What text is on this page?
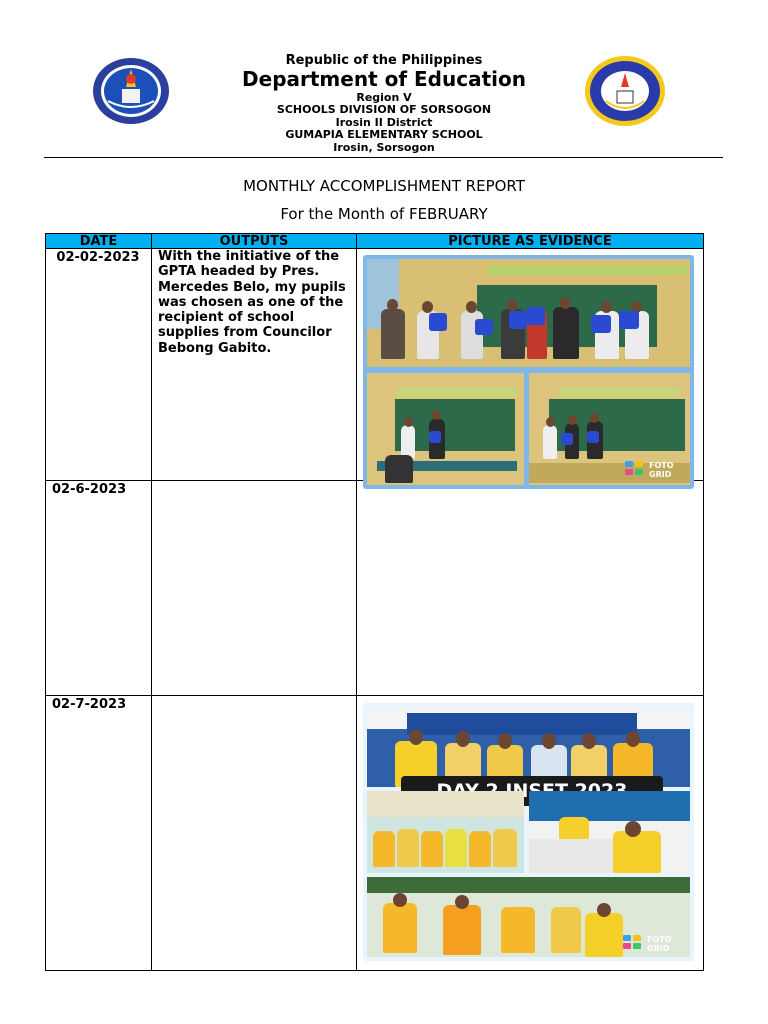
Republic of the Philippines
Department of Education
Region V
SCHOOLS DIVISION OF SORSOGON
Irosin II District
GUMAPIA ELEMENTARY SCHOOL
Irosin, Sorsogon
MONTHLY ACCOMPLISHMENT REPORT
For the Month of FEBRUARY
DATE	OUTPUTS	PICTURE AS EVIDENCE
02-02-2023	With the initiative of the GPTA headed by Pres. Mercedes Belo, my pupils was chosen as one of the recipient of school supplies from Councilor Bebong Gabito.
02-6-2023
02-7-2023
FOTO
GRID
FOTO
GRID
